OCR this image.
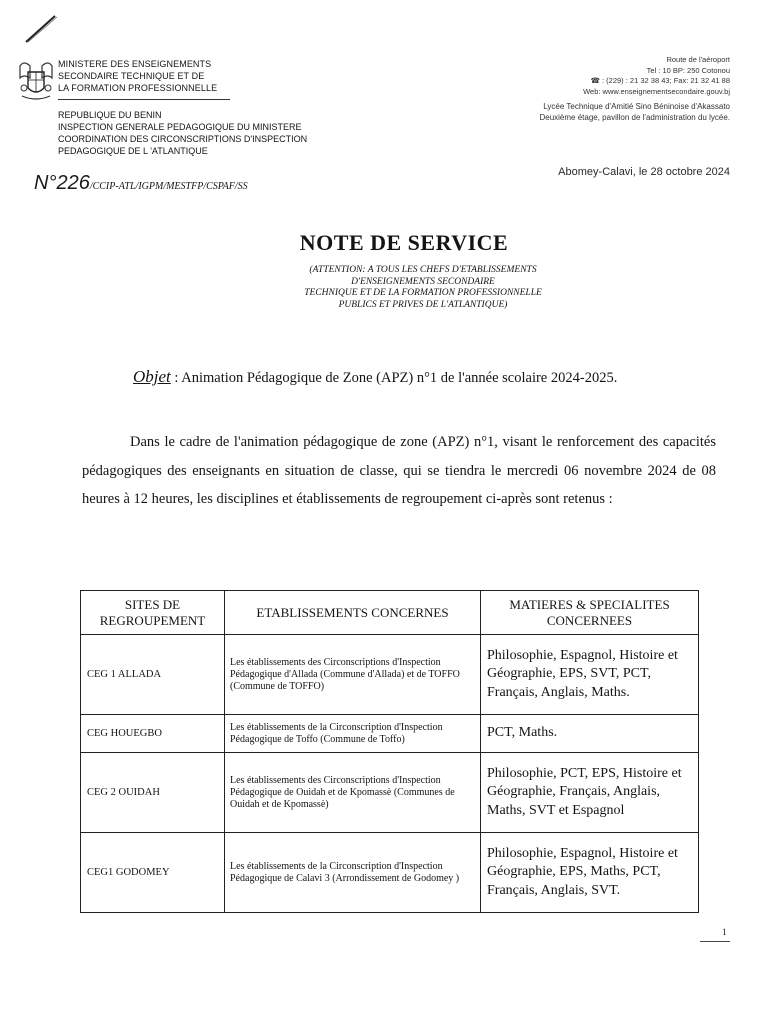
MINISTERE DES ENSEIGNEMENTS
SECONDAIRE TECHNIQUE ET DE
LA FORMATION PROFESSIONNELLE
REPUBLIQUE DU BENIN
INSPECTION GENERALE PEDAGOGIQUE DU MINISTERE
COORDINATION DES CIRCONSCRIPTIONS D'INSPECTION
PEDAGOGIQUE DE L 'ATLANTIQUE
Route de l'aéroport
Tel : 10 BP: 250 Cotonou
☎ : (229) : 21 32 38 43; Fax: 21 32 41 88
Web: www.enseignementsecondaire.gouv.bj
Lycée Technique d'Amitié Sino Béninoise d'Akassato
Deuxième étage, pavillon de l'administration du lycée.
Abomey-Calavi, le 28 octobre 2024
N°226/CCIP-ATL/IGPM/MESTFP/CSPAF/SS
NOTE DE SERVICE
(ATTENTION: A TOUS LES CHEFS D'ETABLISSEMENTS
D'ENSEIGNEMENTS SECONDAIRE
TECHNIQUE ET DE LA FORMATION PROFESSIONNELLE
PUBLICS ET PRIVES DE L'ATLANTIQUE)
Objet : Animation Pédagogique de Zone (APZ) n°1 de l'année scolaire 2024-2025.
Dans le cadre de l'animation pédagogique de zone (APZ) n°1, visant le renforcement des capacités pédagogiques des enseignants en situation de classe, qui se tiendra le mercredi 06 novembre 2024 de 08 heures à 12 heures, les disciplines et établissements de regroupement ci-après sont retenus :
SITES DE REGROUPEMENT	ETABLISSEMENTS CONCERNES	MATIERES & SPECIALITES CONCERNEES
CEG 1 ALLADA	Les établissements des Circonscriptions d'Inspection Pédagogique d'Allada (Commune d'Allada) et de TOFFO (Commune de TOFFO)	Philosophie, Espagnol, Histoire et Géographie, EPS, SVT, PCT, Français, Anglais, Maths.
CEG HOUEGBO	Les établissements de la Circonscription d'Inspection Pédagogique de Toffo (Commune de Toffo)	PCT, Maths.
CEG 2 OUIDAH	Les établissements des Circonscriptions d'Inspection Pédagogique de Ouidah et de Kpomassè (Communes de Ouidah et de Kpomassè)	Philosophie, PCT, EPS, Histoire et Géographie, Français, Anglais, Maths, SVT et Espagnol
CEG1 GODOMEY	Les établissements de la Circonscription d'Inspection Pédagogique de Calavi 3 (Arrondissement de Godomey )	Philosophie, Espagnol, Histoire et Géographie, EPS, Maths, PCT, Français, Anglais, SVT.
1
